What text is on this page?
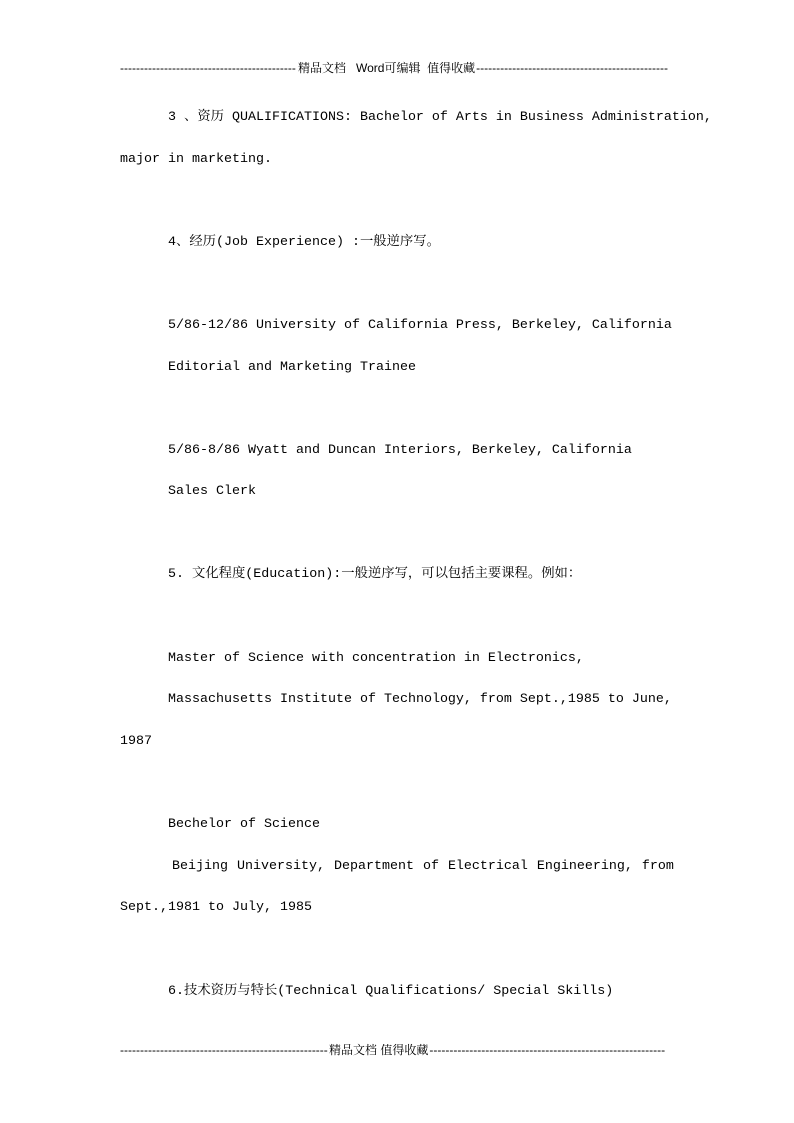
-------------------------------------------- 精品文档   Word可编辑  值得收藏 ------------------------------------------------
3 、资历 QUALIFICATIONS: Bachelor of Arts in Business Administration,
major in marketing.
4、经历(Job Experience) :一般逆序写。
5/86-12/86 University of California Press, Berkeley, California
Editorial and Marketing Trainee
5/86-8/86 Wyatt and Duncan Interiors, Berkeley, California
Sales Clerk
5. 文化程度(Education):一般逆序写，可以包括主要课程。例如：
Master of Science with concentration in Electronics,
Massachusetts Institute of Technology, from Sept.,1985 to June,
1987
Bechelor of Science
Beijing University, Department of Electrical Engineering, from
Sept.,1981 to July, 1985
6.技术资历与特长(Technical Qualifications/ Special Skills)
---------------------------------------------------- 精品文档 值得收藏 -----------------------------------------------------------
